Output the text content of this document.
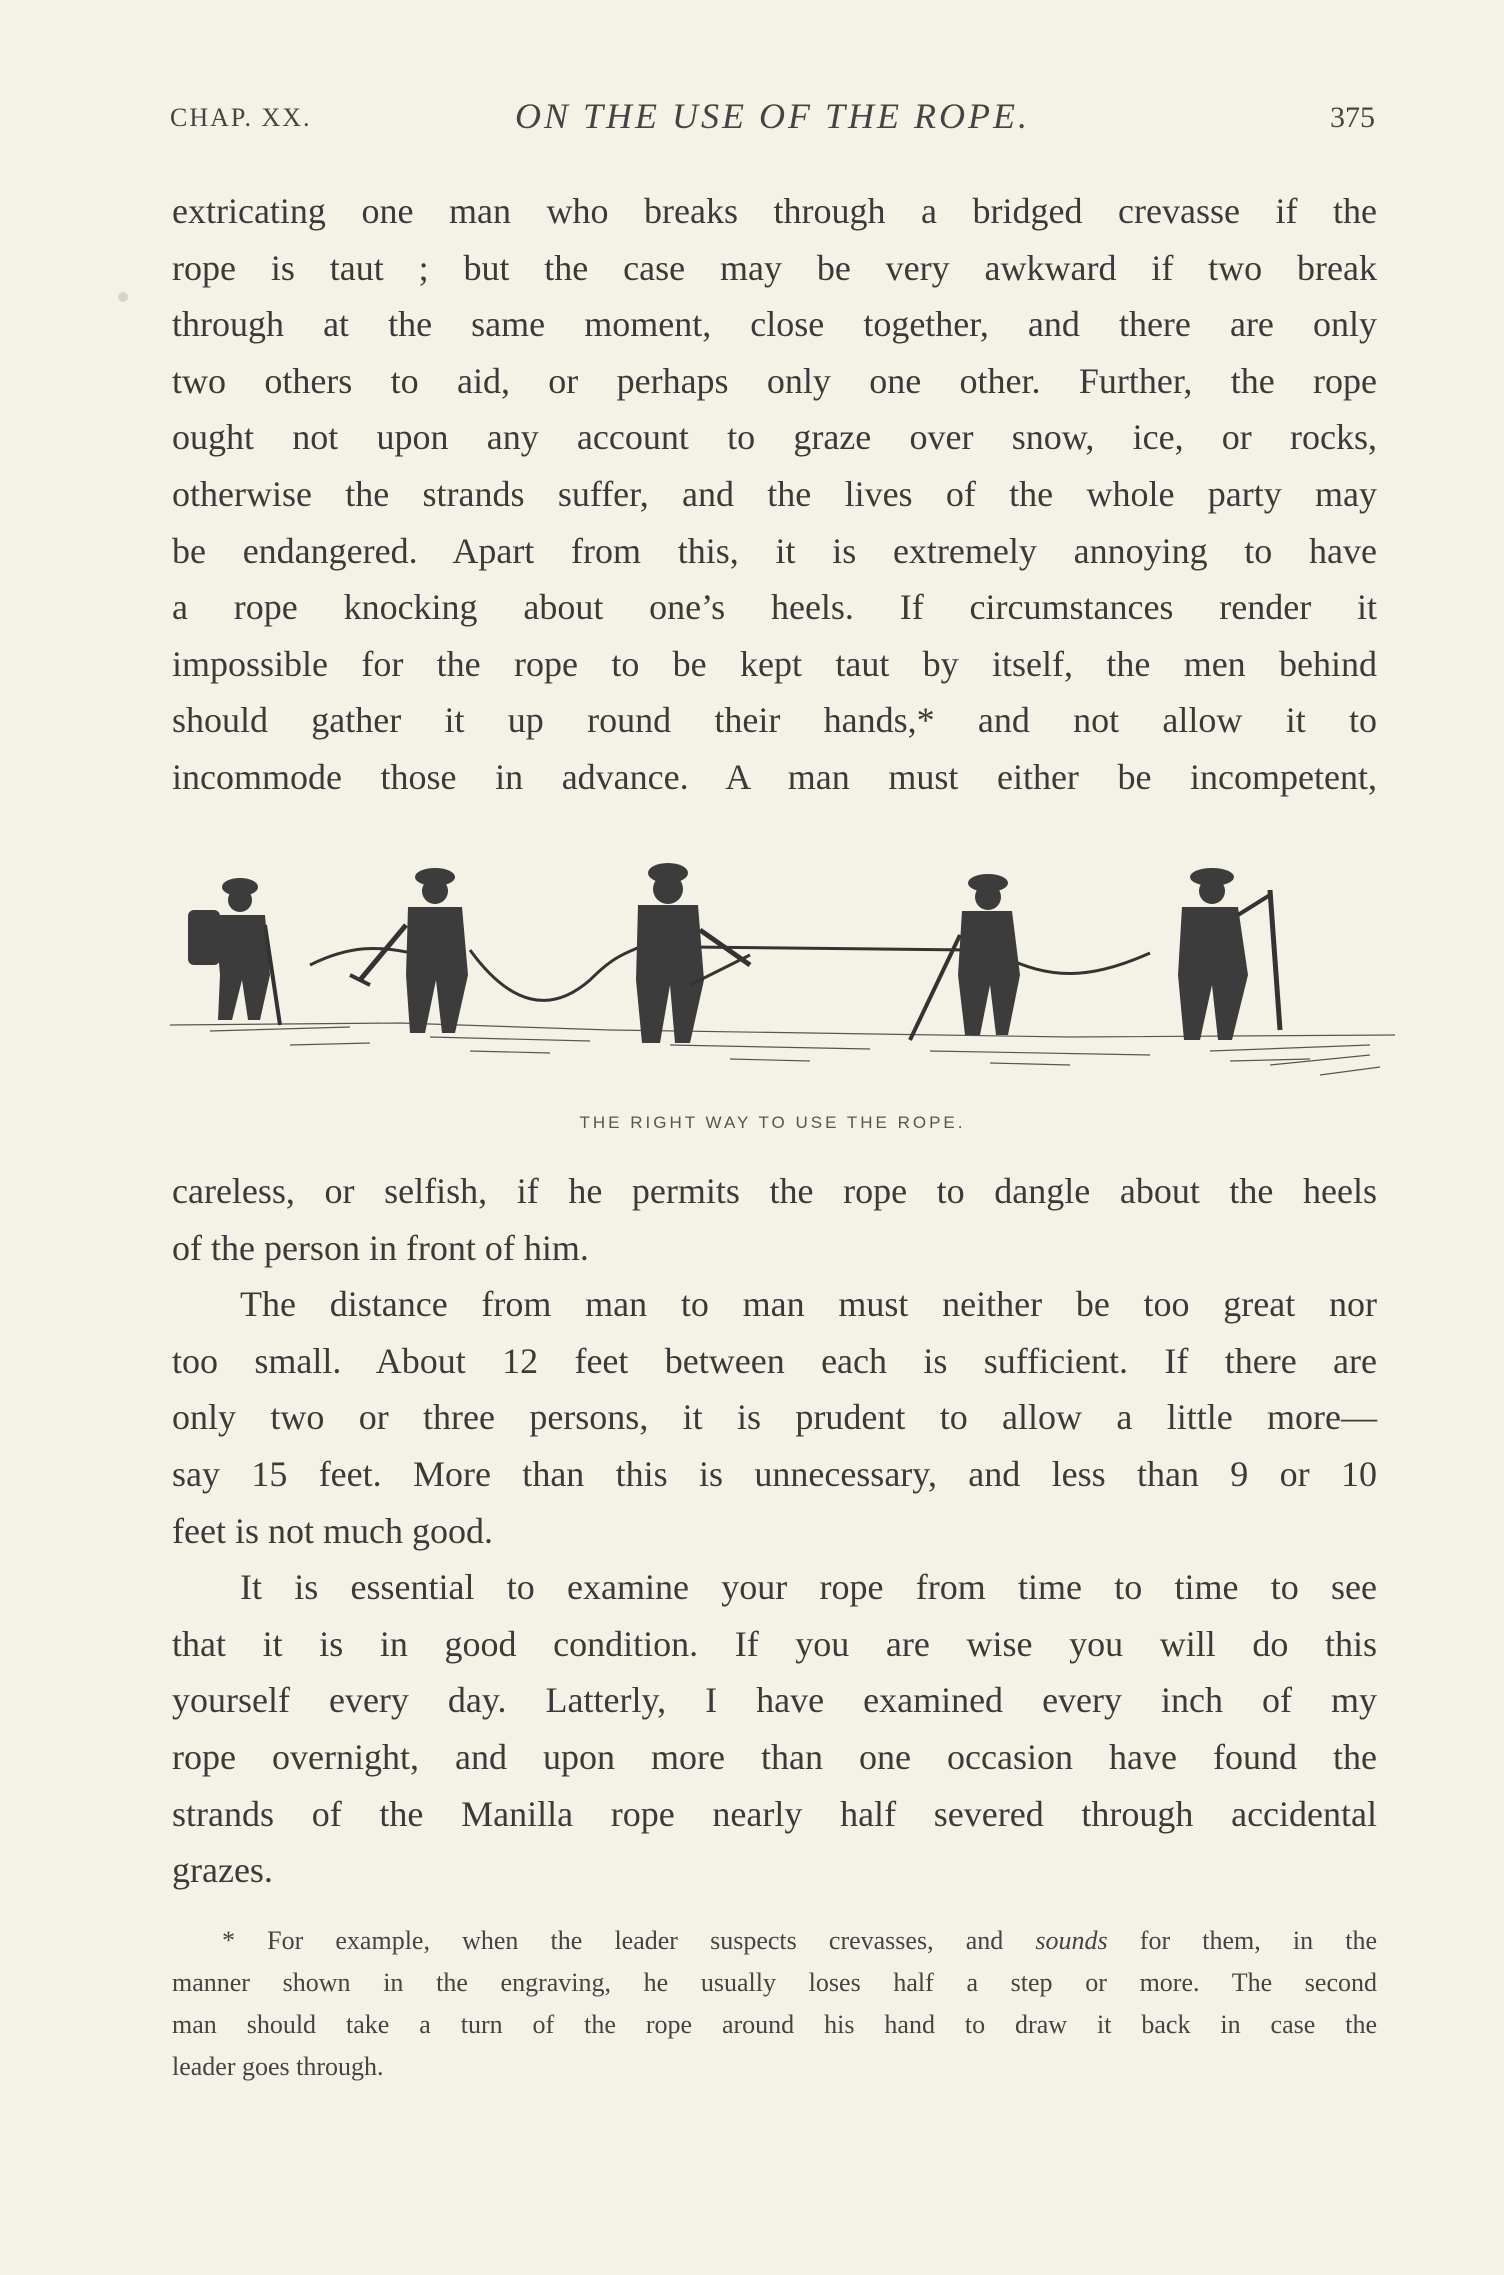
CHAP. XX.	ON THE USE OF THE ROPE.	375
extricating one man who breaks through a bridged crevasse if the
rope is taut ; but the case may be very awkward if two break
through at the same moment, close together, and there are only
two others to aid, or perhaps only one other. Further, the rope
ought not upon any account to graze over snow, ice, or rocks,
otherwise the strands suffer, and the lives of the whole party may
be endangered. Apart from this, it is extremely annoying to have
a rope knocking about one’s heels. If circumstances render it
impossible for the rope to be kept taut by itself, the men behind
should gather it up round their hands,* and not allow it to
incommode those in advance. A man must either be incompetent,
THE RIGHT WAY TO USE THE ROPE.
careless, or selfish, if he permits the rope to dangle about the heels
of the person in front of him.
The distance from man to man must neither be too great nor
too small. About 12 feet between each is sufficient. If there are
only two or three persons, it is prudent to allow a little more—
say 15 feet. More than this is unnecessary, and less than 9 or 10
feet is not much good.
It is essential to examine your rope from time to time to see
that it is in good condition. If you are wise you will do this
yourself every day. Latterly, I have examined every inch of my
rope overnight, and upon more than one occasion have found the
strands of the Manilla rope nearly half severed through accidental
grazes.
* For example, when the leader suspects crevasses, and sounds for them, in the
manner shown in the engraving, he usually loses half a step or more. The second
man should take a turn of the rope around his hand to draw it back in case the
leader goes through.
